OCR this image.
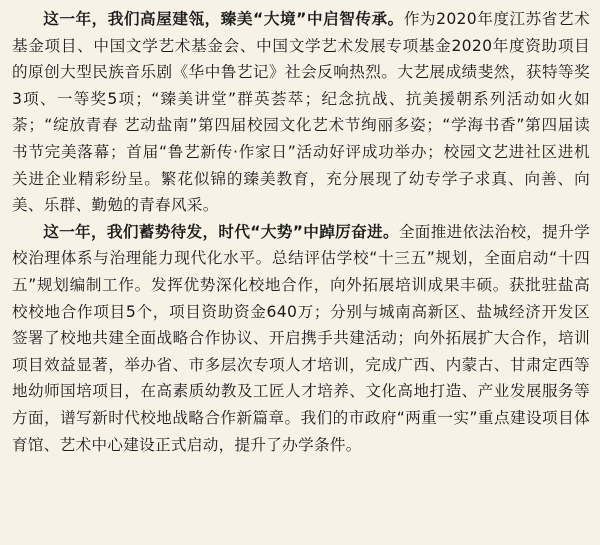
这一年，我们高屋建瓴，臻美“大境”中启智传承。作为2020年度江苏省艺术基金项目、中国文学艺术基金会、中国文学艺术发展专项基金2020年度资助项目的原创大型民族音乐剧《华中鲁艺记》社会反响热烈。大艺展成绩斐然，获特等奖3项、一等奖5项；“臻美讲堂”群英荟萃；纪念抗战、抗美援朝系列活动如火如荼；“绽放青春 艺动盐南”第四届校园文化艺术节绚丽多姿；“学海书香”第四届读书节完美落幕；首届“鲁艺新传·作家日”活动好评成功举办；校园文艺进社区进机关进企业精彩纷呈。繁花似锦的臻美教育，充分展现了幼专学子求真、向善、向美、乐群、勤勉的青春风采。

这一年，我们蓄势待发，时代“大势”中踔厉奋进。全面推进依法治校，提升学校治理体系与治理能力现代化水平。总结评估学校“十三五”规划，全面启动“十四五”规划编制工作。发挥优势深化校地合作，向外拓展培训成果丰硕。获批驻盐高校校地合作项目5个，项目资助资金640万；分别与城南高新区、盐城经济开发区签署了校地共建全面战略合作协议、开启携手共建活动；向外拓展扩大合作，培训项目效益显著，举办省、市多层次专项人才培训，完成广西、内蒙古、甘肃定西等地幼师国培项目，在高素质幼教及工匠人才培养、文化高地打造、产业发展服务等方面，谱写新时代校地战略合作新篇章。我们的市政府“两重一实”重点建设项目体育馆、艺术中心建设正式启动，提升了办学条件。
